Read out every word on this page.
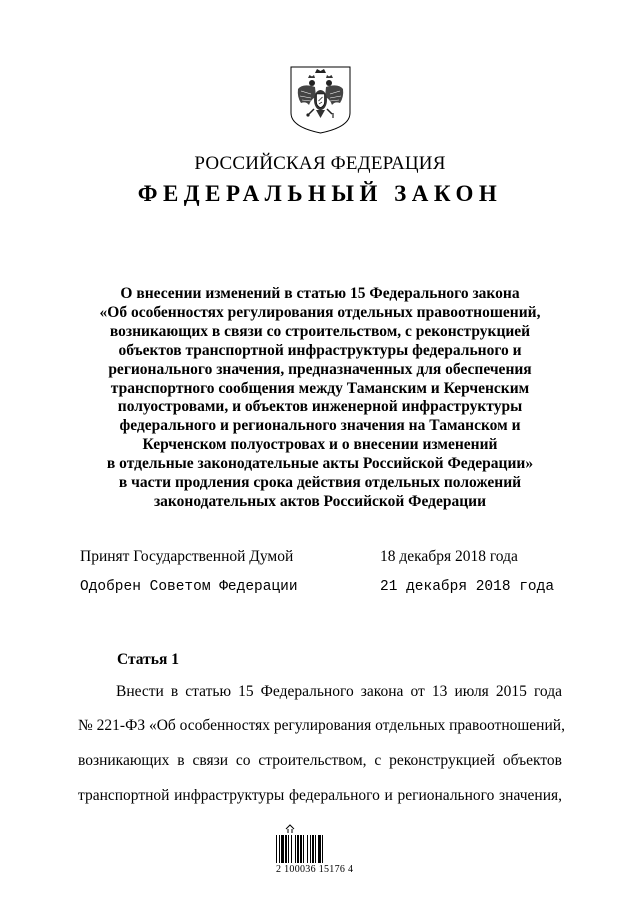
РОССИЙСКАЯ ФЕДЕРАЦИЯ
ФЕДЕРАЛЬНЫЙ ЗАКОН
О внесении изменений в статью 15 Федерального закона
«Об особенностях регулирования отдельных правоотношений,
возникающих в связи со строительством, с реконструкцией
объектов транспортной инфраструктуры федерального и
регионального значения, предназначенных для обеспечения
транспортного сообщения между Таманским и Керченским
полуостровами, и объектов инженерной инфраструктуры
федерального и регионального значения на Таманском и
Керченском полуостровах и о внесении изменений
в отдельные законодательные акты Российской Федерации»
в части продления срока действия отдельных положений
законодательных актов Российской Федерации
Принят Государственной Думой	18 декабря 2018 года
Одобрен Советом Федерации	21 декабря 2018 года
Статья 1
Внести в статью 15 Федерального закона от 13 июля 2015 года
№ 221-ФЗ «Об особенностях регулирования отдельных правоотношений,
возникающих в связи со строительством, с реконструкцией объектов
транспортной инфраструктуры федерального и регионального значения,
2 100036 15176 4
